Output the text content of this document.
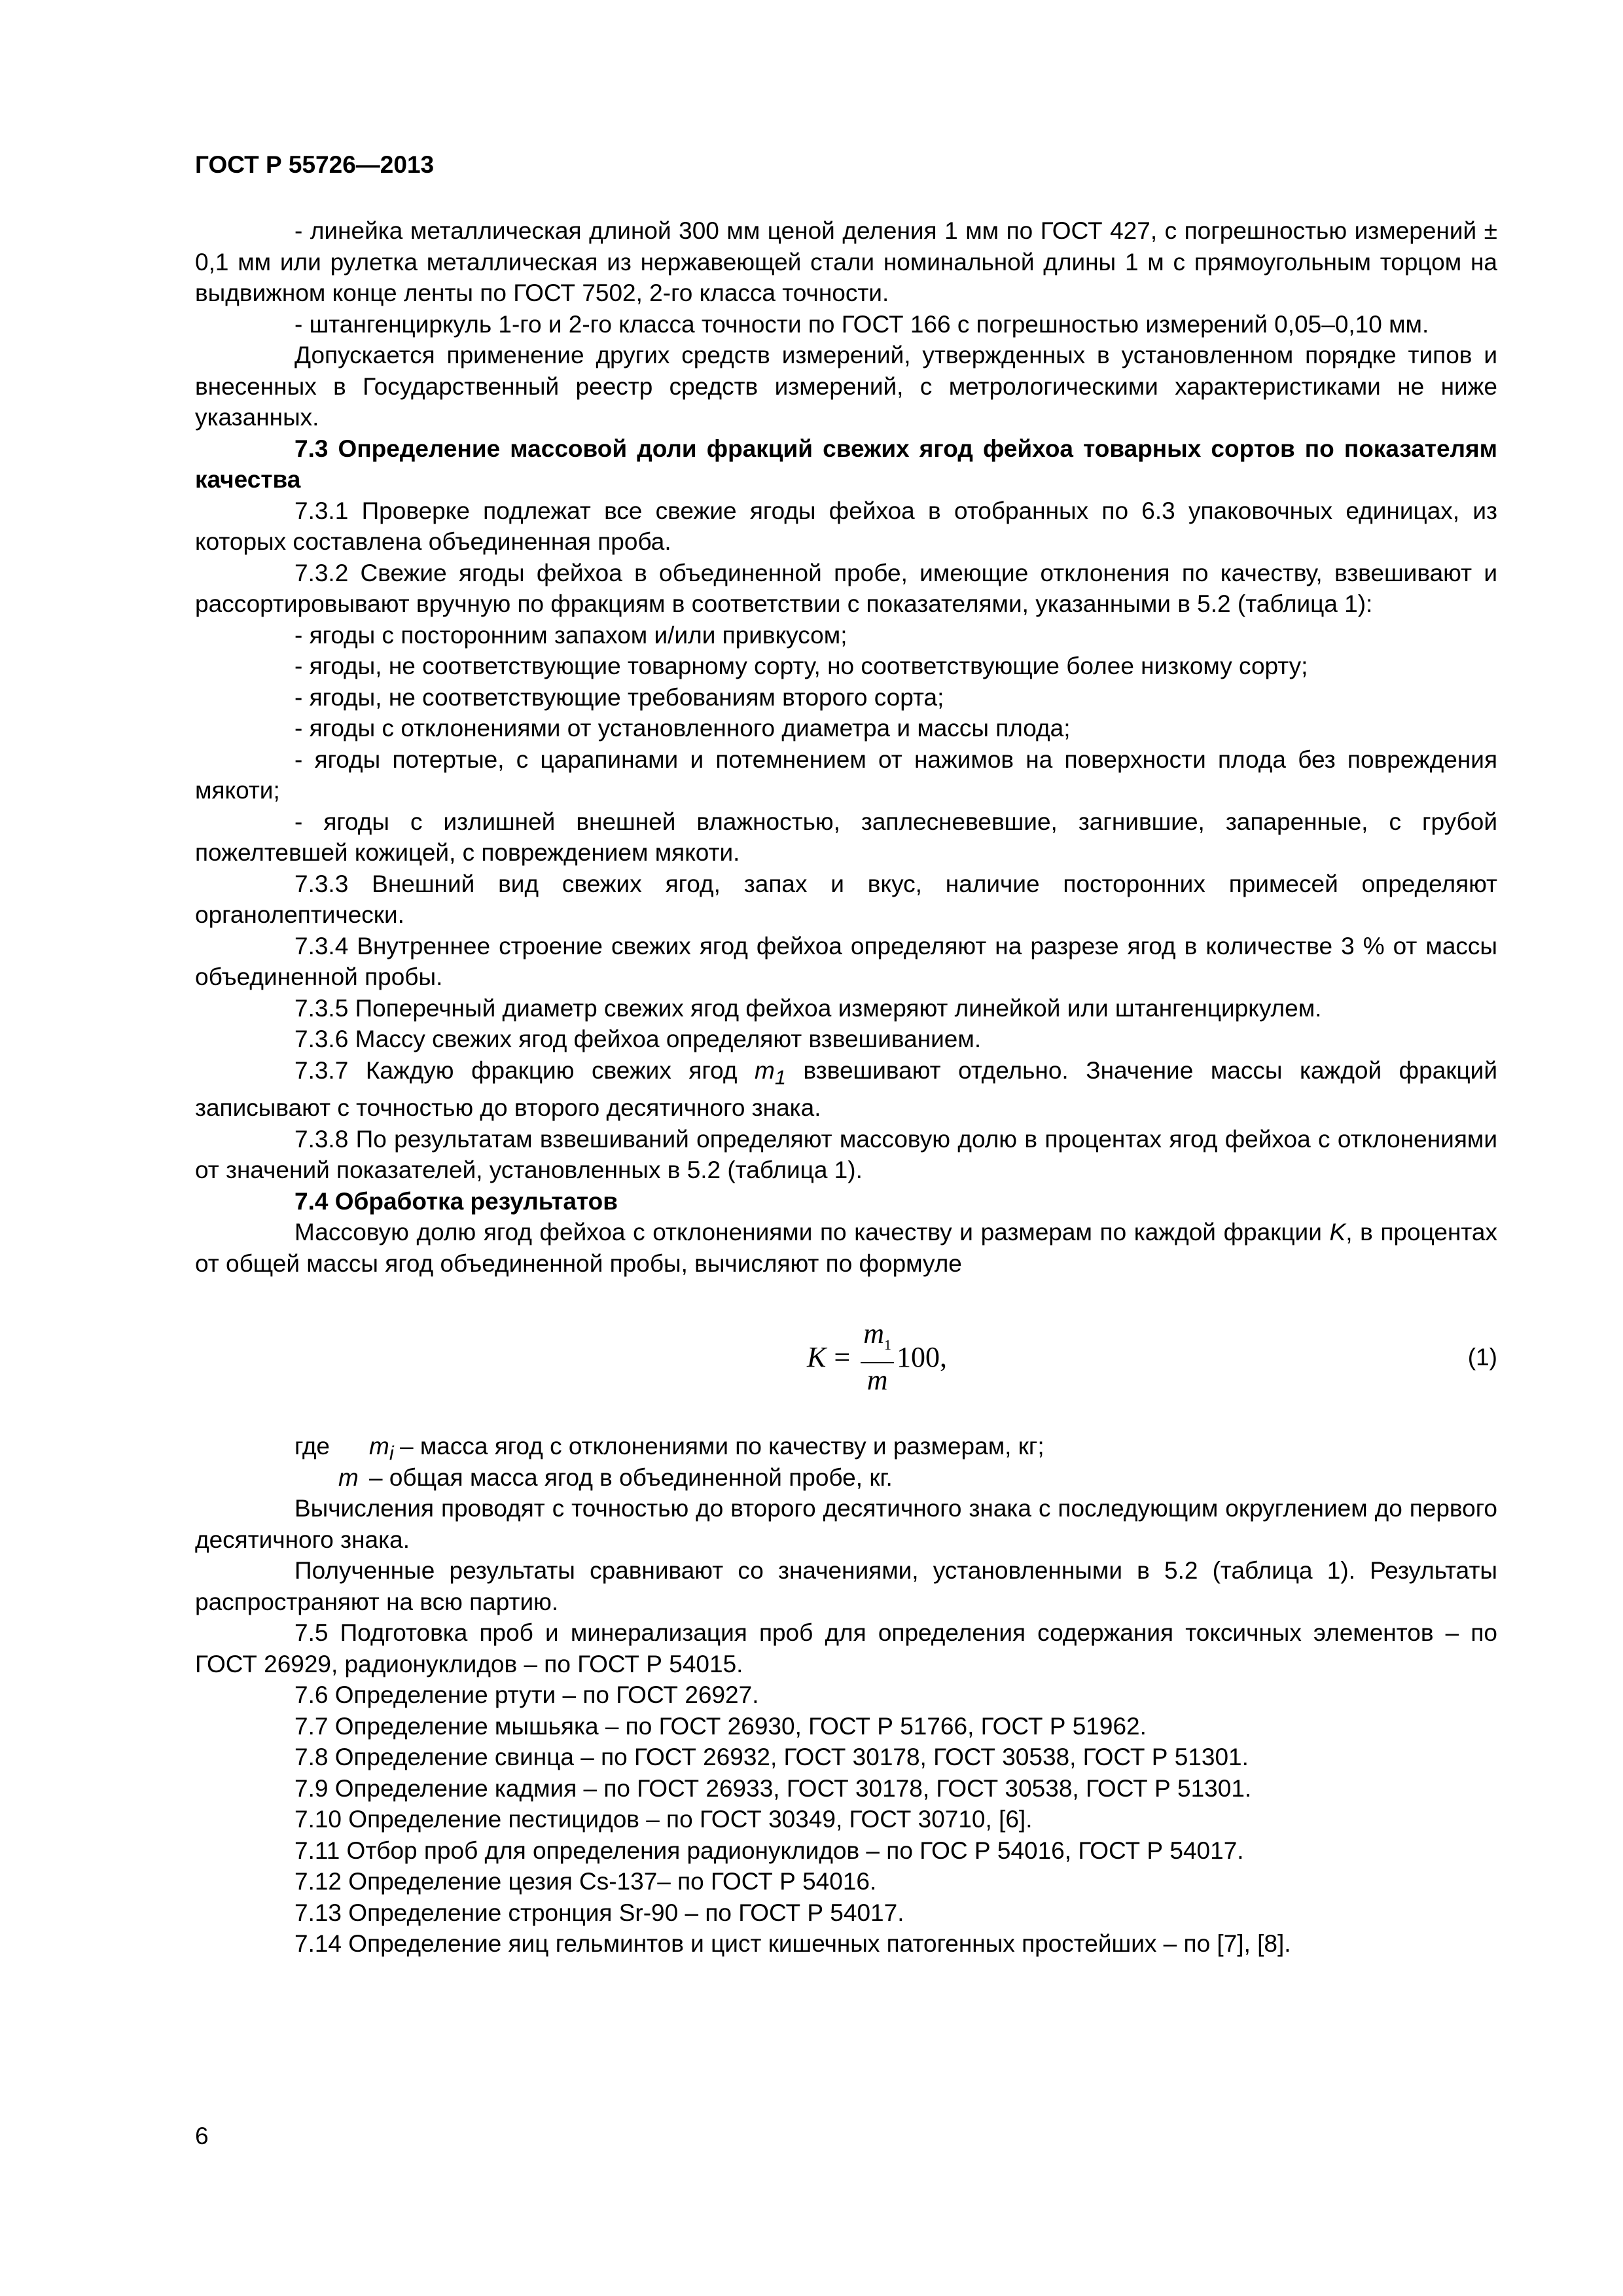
ГОСТ Р 55726—2013

- линейка металлическая длиной 300 мм ценой деления 1 мм по ГОСТ 427, с погрешностью измерений ± 0,1 мм или рулетка металлическая из нержавеющей стали номинальной длины 1 м с прямоугольным торцом на выдвижном конце ленты по ГОСТ 7502, 2-го класса точности.

- штангенциркуль 1-го и 2-го класса точности по ГОСТ 166 с погрешностью измерений 0,05–0,10 мм.

Допускается применение других средств измерений, утвержденных в установленном порядке типов и внесенных в Государственный реестр средств измерений, с метрологическими характеристиками не ниже указанных.

7.3 Определение массовой доли фракций свежих ягод фейхоа товарных сортов по показателям качества

7.3.1 Проверке подлежат все свежие ягоды фейхоа в отобранных по 6.3 упаковочных единицах, из которых составлена объединенная проба.

7.3.2 Свежие ягоды фейхоа в объединенной пробе, имеющие отклонения по качеству, взвешивают и рассортировывают вручную по фракциям в соответствии с показателями, указанными в 5.2 (таблица 1):

- ягоды с посторонним запахом и/или привкусом;

- ягоды, не соответствующие товарному сорту, но соответствующие более низкому сорту;

- ягоды, не соответствующие требованиям второго сорта;

- ягоды с отклонениями от установленного диаметра и массы плода;

- ягоды потертые, с царапинами и потемнением от нажимов на поверхности плода без повреждения мякоти;

- ягоды с излишней внешней влажностью, заплесневевшие, загнившие, запаренные, с грубой пожелтевшей кожицей, с повреждением мякоти.

7.3.3 Внешний вид свежих ягод, запах и вкус, наличие посторонних примесей определяют органолептически.

7.3.4 Внутреннее строение свежих ягод фейхоа определяют на разрезе ягод в количестве 3 % от массы объединенной пробы.

7.3.5 Поперечный диаметр свежих ягод фейхоа измеряют линейкой или штангенциркулем.

7.3.6 Массу свежих ягод фейхоа определяют взвешиванием.

7.3.7 Каждую фракцию свежих ягод $m_1$ взвешивают отдельно. Значение массы каждой фракций записывают с точностью до второго десятичного знака.

7.3.8 По результатам взвешиваний определяют массовую долю в процентах ягод фейхоа с отклонениями от значений показателей, установленных в 5.2 (таблица 1).

7.4 Обработка результатов

Массовую долю ягод фейхоа с отклонениями по качеству и размерам по каждой фракции K, в процентах от общей массы ягод объединенной пробы, вычисляют по формуле

$K = \frac{m_1}{m} 100$,	(1)
где $m_i$ – масса ягод с отклонениями по качеству и размерам, кг;
m – общая масса ягод в объединенной пробе, кг.

Вычисления проводят с точностью до второго десятичного знака с последующим округлением до первого десятичного знака.

Полученные результаты сравнивают со значениями, установленными в 5.2 (таблица 1). Результаты распространяют на всю партию.

7.5 Подготовка проб и минерализация проб для определения содержания токсичных элементов – по ГОСТ 26929, радионуклидов – по ГОСТ Р 54015.

7.6 Определение ртути – по ГОСТ 26927.

7.7 Определение мышьяка – по ГОСТ 26930, ГОСТ Р 51766, ГОСТ Р 51962.

7.8 Определение свинца – по ГОСТ 26932, ГОСТ 30178, ГОСТ 30538, ГОСТ Р 51301.

7.9 Определение кадмия – по ГОСТ 26933, ГОСТ 30178, ГОСТ 30538, ГОСТ Р 51301.

7.10 Определение пестицидов – по ГОСТ 30349, ГОСТ 30710, [6].

7.11 Отбор проб для определения радионуклидов – по ГОС Р 54016, ГОСТ Р 54017.

7.12 Определение цезия Cs-137– по ГОСТ Р 54016.

7.13 Определение стронция Sr-90 – по ГОСТ Р 54017.

7.14 Определение яиц гельминтов и цист кишечных патогенных простейших – по [7], [8].

6
